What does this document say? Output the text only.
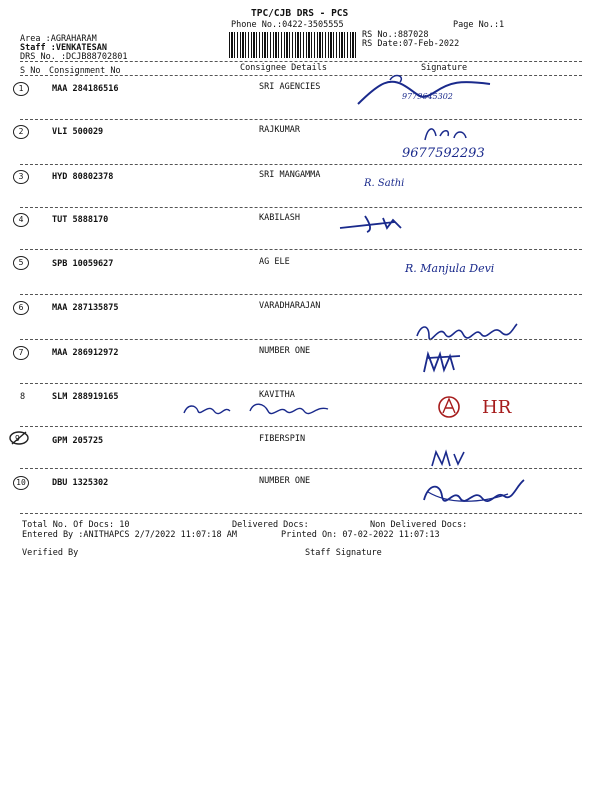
TPC/CJB DRS - PCS
Phone No.:0422-3505555	Page No.:1
Area :AGRAHARAM
Staff :VENKATESAN
DRS No. :DCJB88702801
RS No.:887028
RS Date:07-Feb-2022
S No Consignment No	Consignee Details	Signature
1	MAA 284186516	SRI AGENCIES
9779645302
2	VLI 500029	RAJKUMAR
9677592293
3	HYD 80802378	SRI MANGAMMA
R. Sathi
4	TUT 5888170	KABILASH
5	SPB 10059627	AG ELE	R. Manjula Devi
6	MAA 287135875	VARADHARAJAN
7	MAA 286912972	NUMBER ONE
8	SLM 288919165	KAVITHA
HR
9	GPM 205725	FIBERSPIN
10	DBU 1325302	NUMBER ONE
Total No. Of Docs: 10	Delivered Docs:	Non Delivered Docs:
Entered By :ANITHAPCS 2/7/2022 11:07:18 AM	Printed On: 07-02-2022 11:07:13
Verified By	Staff Signature
